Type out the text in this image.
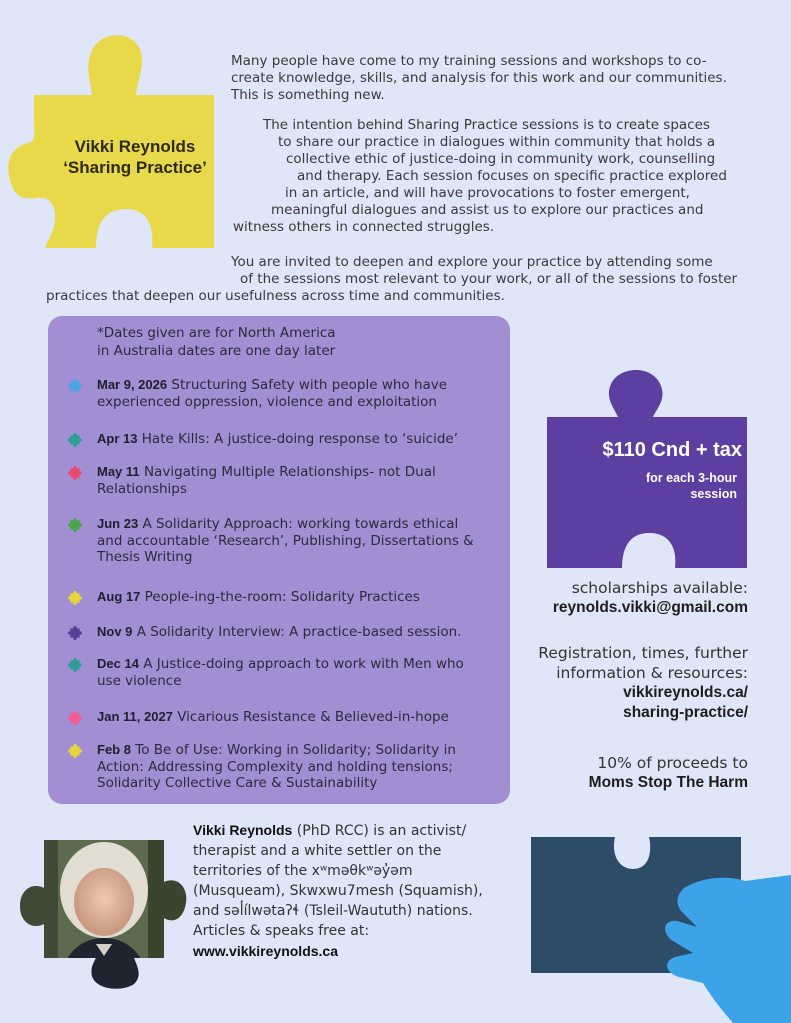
Vikki Reynolds
‘Sharing Practice’

Many people have come to my training sessions and workshops to co-

create knowledge, skills, and analysis for this work and our communities.

This is something new.

The intention behind Sharing Practice sessions is to create spaces

to share our practice in dialogues within community that holds a

collective ethic of justice-doing in community work, counselling

and therapy. Each session focuses on specific practice explored

in an article, and will have provocations to foster emergent,

meaningful dialogues and assist us to explore our practices and

witness others in connected struggles.

You are invited to deepen and explore your practice by attending some

of the sessions most relevant to your work, or all of the sessions to foster

practices that deepen our usefulness across time and communities.

*Dates given are for North America
in Australia dates are one day later
Mar 9, 2026 Structuring Safety with people who have experienced oppression, violence and exploitation
Apr 13 Hate Kills: A justice-doing response to ‘suicide’
May 11 Navigating Multiple Relationships- not Dual Relationships
Jun 23 A Solidarity Approach: working towards ethical and accountable ‘Research’, Publishing, Dissertations & Thesis Writing
Aug 17 People-ing-the-room: Solidarity Practices
Nov 9 A Solidarity Interview: A practice-based session.
Dec 14 A Justice-doing approach to work with Men who use violence
Jan 11, 2027 Vicarious Resistance & Believed-in-hope
Feb 8 To Be of Use: Working in Solidarity; Solidarity in Action: Addressing Complexity and holding tensions; Solidarity Collective Care & Sustainability
$110 Cnd + tax
for each 3-hour
session
scholarships available:
reynolds.vikki@gmail.com
Registration, times, further
information & resources:
vikkireynolds.ca/
sharing-practice/
10% of proceeds to
Moms Stop The Harm
Vikki Reynolds (PhD RCC) is an activist/ therapist and a white settler on the territories of the xʷməθkʷəy̓əm (Musqueam), Skwxwu7mesh (Squamish), and səl̓ílwətaʔɬ (Tsleil-Waututh) nations. Articles & speaks free at:
www.vikkireynolds.ca
